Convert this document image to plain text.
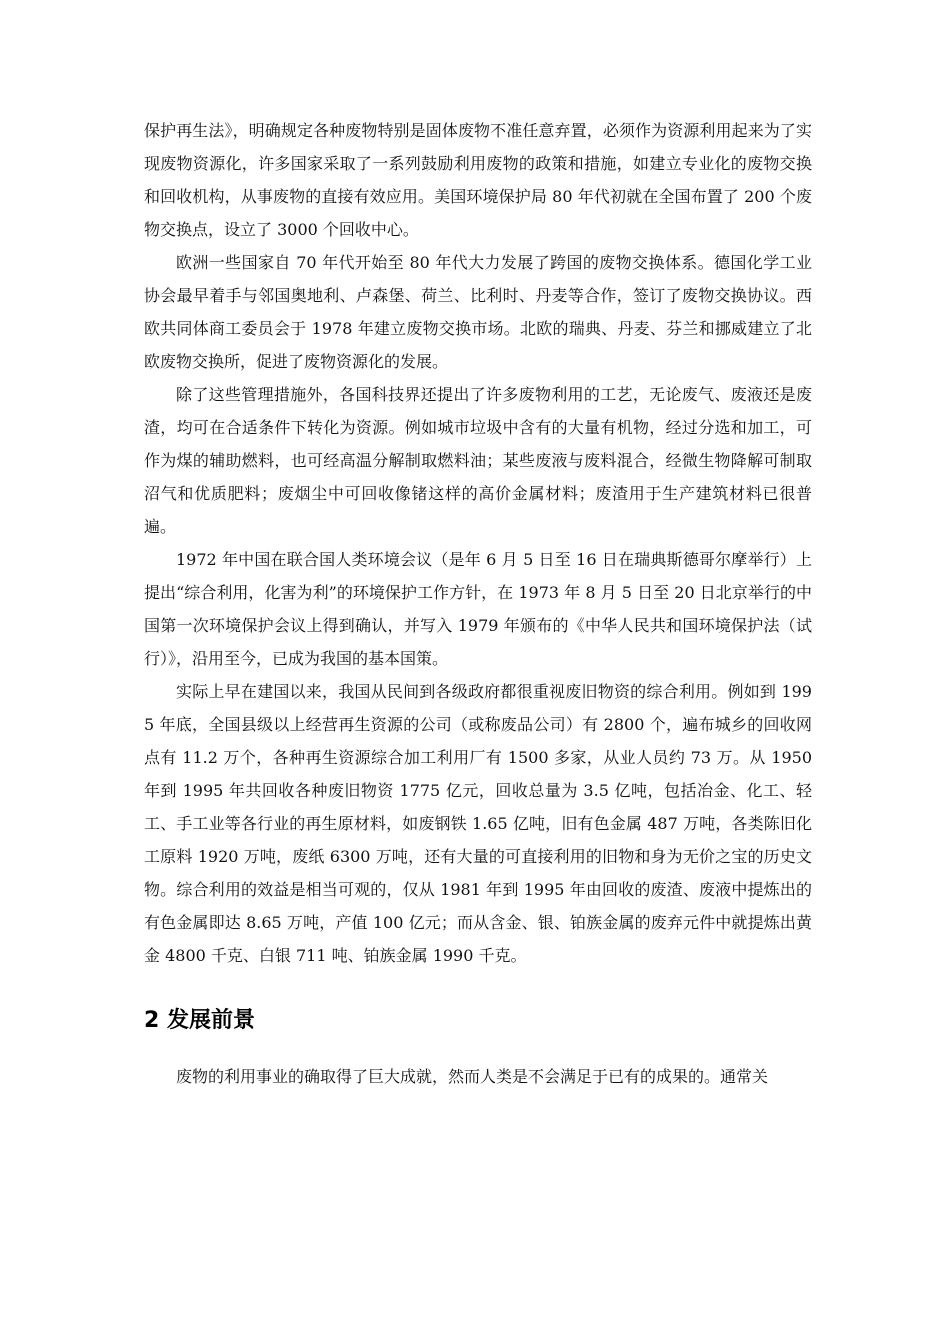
保护再生法》，明确规定各种废物特别是固体废物不准任意弃置，必须作为资源利用起来为了实现废物资源化，许多国家采取了一系列鼓励利用废物的政策和措施，如建立专业化的废物交换和回收机构，从事废物的直接有效应用。美国环境保护局 80 年代初就在全国布置了 200 个废物交换点，设立了 3000 个回收中心。

欧洲一些国家自 70 年代开始至 80 年代大力发展了跨国的废物交换体系。德国化学工业协会最早着手与邻国奥地利、卢森堡、荷兰、比利时、丹麦等合作，签订了废物交换协议。西欧共同体商工委员会于 1978 年建立废物交换市场。北欧的瑞典、丹麦、芬兰和挪威建立了北欧废物交换所，促进了废物资源化的发展。

除了这些管理措施外，各国科技界还提出了许多废物利用的工艺，无论废气、废液还是废渣，均可在合适条件下转化为资源。例如城市垃圾中含有的大量有机物，经过分选和加工，可作为煤的辅助燃料，也可经高温分解制取燃料油；某些废液与废料混合，经微生物降解可制取沼气和优质肥料；废烟尘中可回收像锗这样的高价金属材料；废渣用于生产建筑材料已很普遍。

1972 年中国在联合国人类环境会议（是年 6 月 5 日至 16 日在瑞典斯德哥尔摩举行）上提出“综合利用，化害为利”的环境保护工作方针，在 1973 年 8 月 5 日至 20 日北京举行的中国第一次环境保护会议上得到确认，并写入 1979 年颁布的《中华人民共和国环境保护法（试行）》，沿用至今，已成为我国的基本国策。

实际上早在建国以来，我国从民间到各级政府都很重视废旧物资的综合利用。例如到 1995 年底，全国县级以上经营再生资源的公司（或称废品公司）有 2800 个，遍布城乡的回收网点有 11.2 万个，各种再生资源综合加工利用厂有 1500 多家，从业人员约 73 万。从 1950 年到 1995 年共回收各种废旧物资 1775 亿元，回收总量为 3.5 亿吨，包括冶金、化工、轻工、手工业等各行业的再生原材料，如废钢铁 1.65 亿吨，旧有色金属 487 万吨，各类陈旧化工原料 1920 万吨，废纸 6300 万吨，还有大量的可直接利用的旧物和身为无价之宝的历史文物。综合利用的效益是相当可观的，仅从 1981 年到 1995 年由回收的废渣、废液中提炼出的有色金属即达 8.65 万吨，产值 100 亿元；而从含金、银、铂族金属的废弃元件中就提炼出黄金 4800 千克、白银 711 吨、铂族金属 1990 千克。

2 发展前景

废物的利用事业的确取得了巨大成就，然而人类是不会满足于已有的成果的。通常关
